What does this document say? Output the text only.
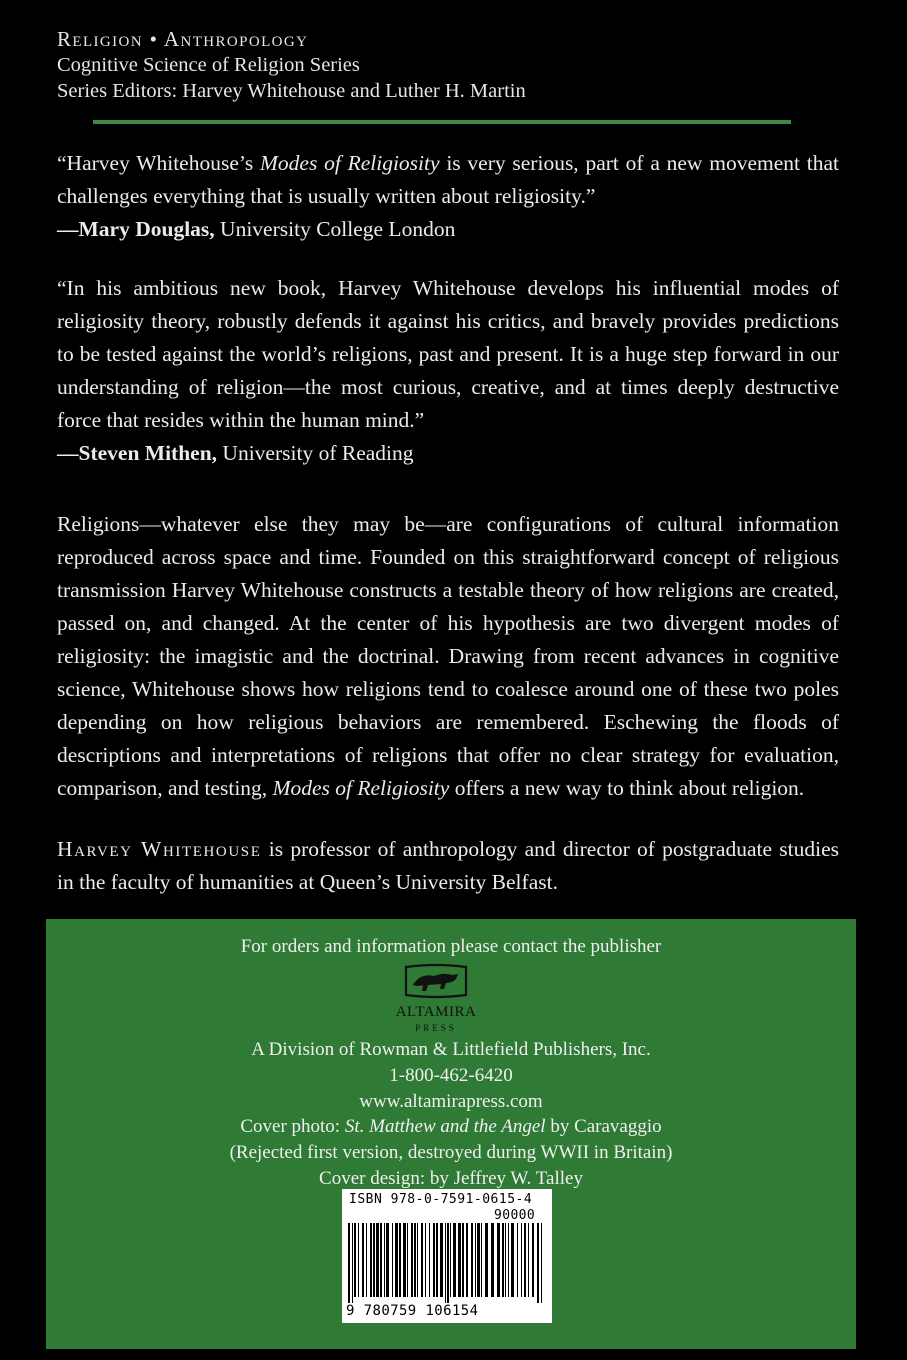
Religion • Anthropology
Cognitive Science of Religion Series
Series Editors: Harvey Whitehouse and Luther H. Martin

“Harvey Whitehouse’s Modes of Religiosity is very serious, part of a new movement that challenges everything that is usually written about religiosity.”

—Mary Douglas, University College London

“In his ambitious new book, Harvey Whitehouse develops his influential modes of religiosity theory, robustly defends it against his critics, and bravely provides predictions to be tested against the world’s religions, past and present. It is a huge step forward in our understanding of religion—the most curious, creative, and at times deeply destructive force that resides within the human mind.”

—Steven Mithen, University of Reading

Religions—whatever else they may be—are configurations of cultural information reproduced across space and time. Founded on this straightforward concept of religious transmission Harvey Whitehouse constructs a testable theory of how religions are created, passed on, and changed. At the center of his hypothesis are two divergent modes of religiosity: the imagistic and the doctrinal. Drawing from recent advances in cognitive science, Whitehouse shows how religions tend to coalesce around one of these two poles depending on how religious behaviors are remembered. Eschewing the floods of descriptions and interpretations of religions that offer no clear strategy for evaluation, comparison, and testing, Modes of Religiosity offers a new way to think about religion.

Harvey Whitehouse is professor of anthropology and director of postgraduate studies in the faculty of humanities at Queen’s University Belfast.

For orders and information please contact the publisher
ALTAMIRA
PRESS
A Division of Rowman & Littlefield Publishers, Inc.
1-800-462-6420
www.altamirapress.com
Cover photo: St. Matthew and the Angel by Caravaggio
(Rejected first version, destroyed during WWII in Britain)
Cover design: by Jeffrey W. Talley
ISBN 978-0-7591-0615-4
90000
9 780759 106154
